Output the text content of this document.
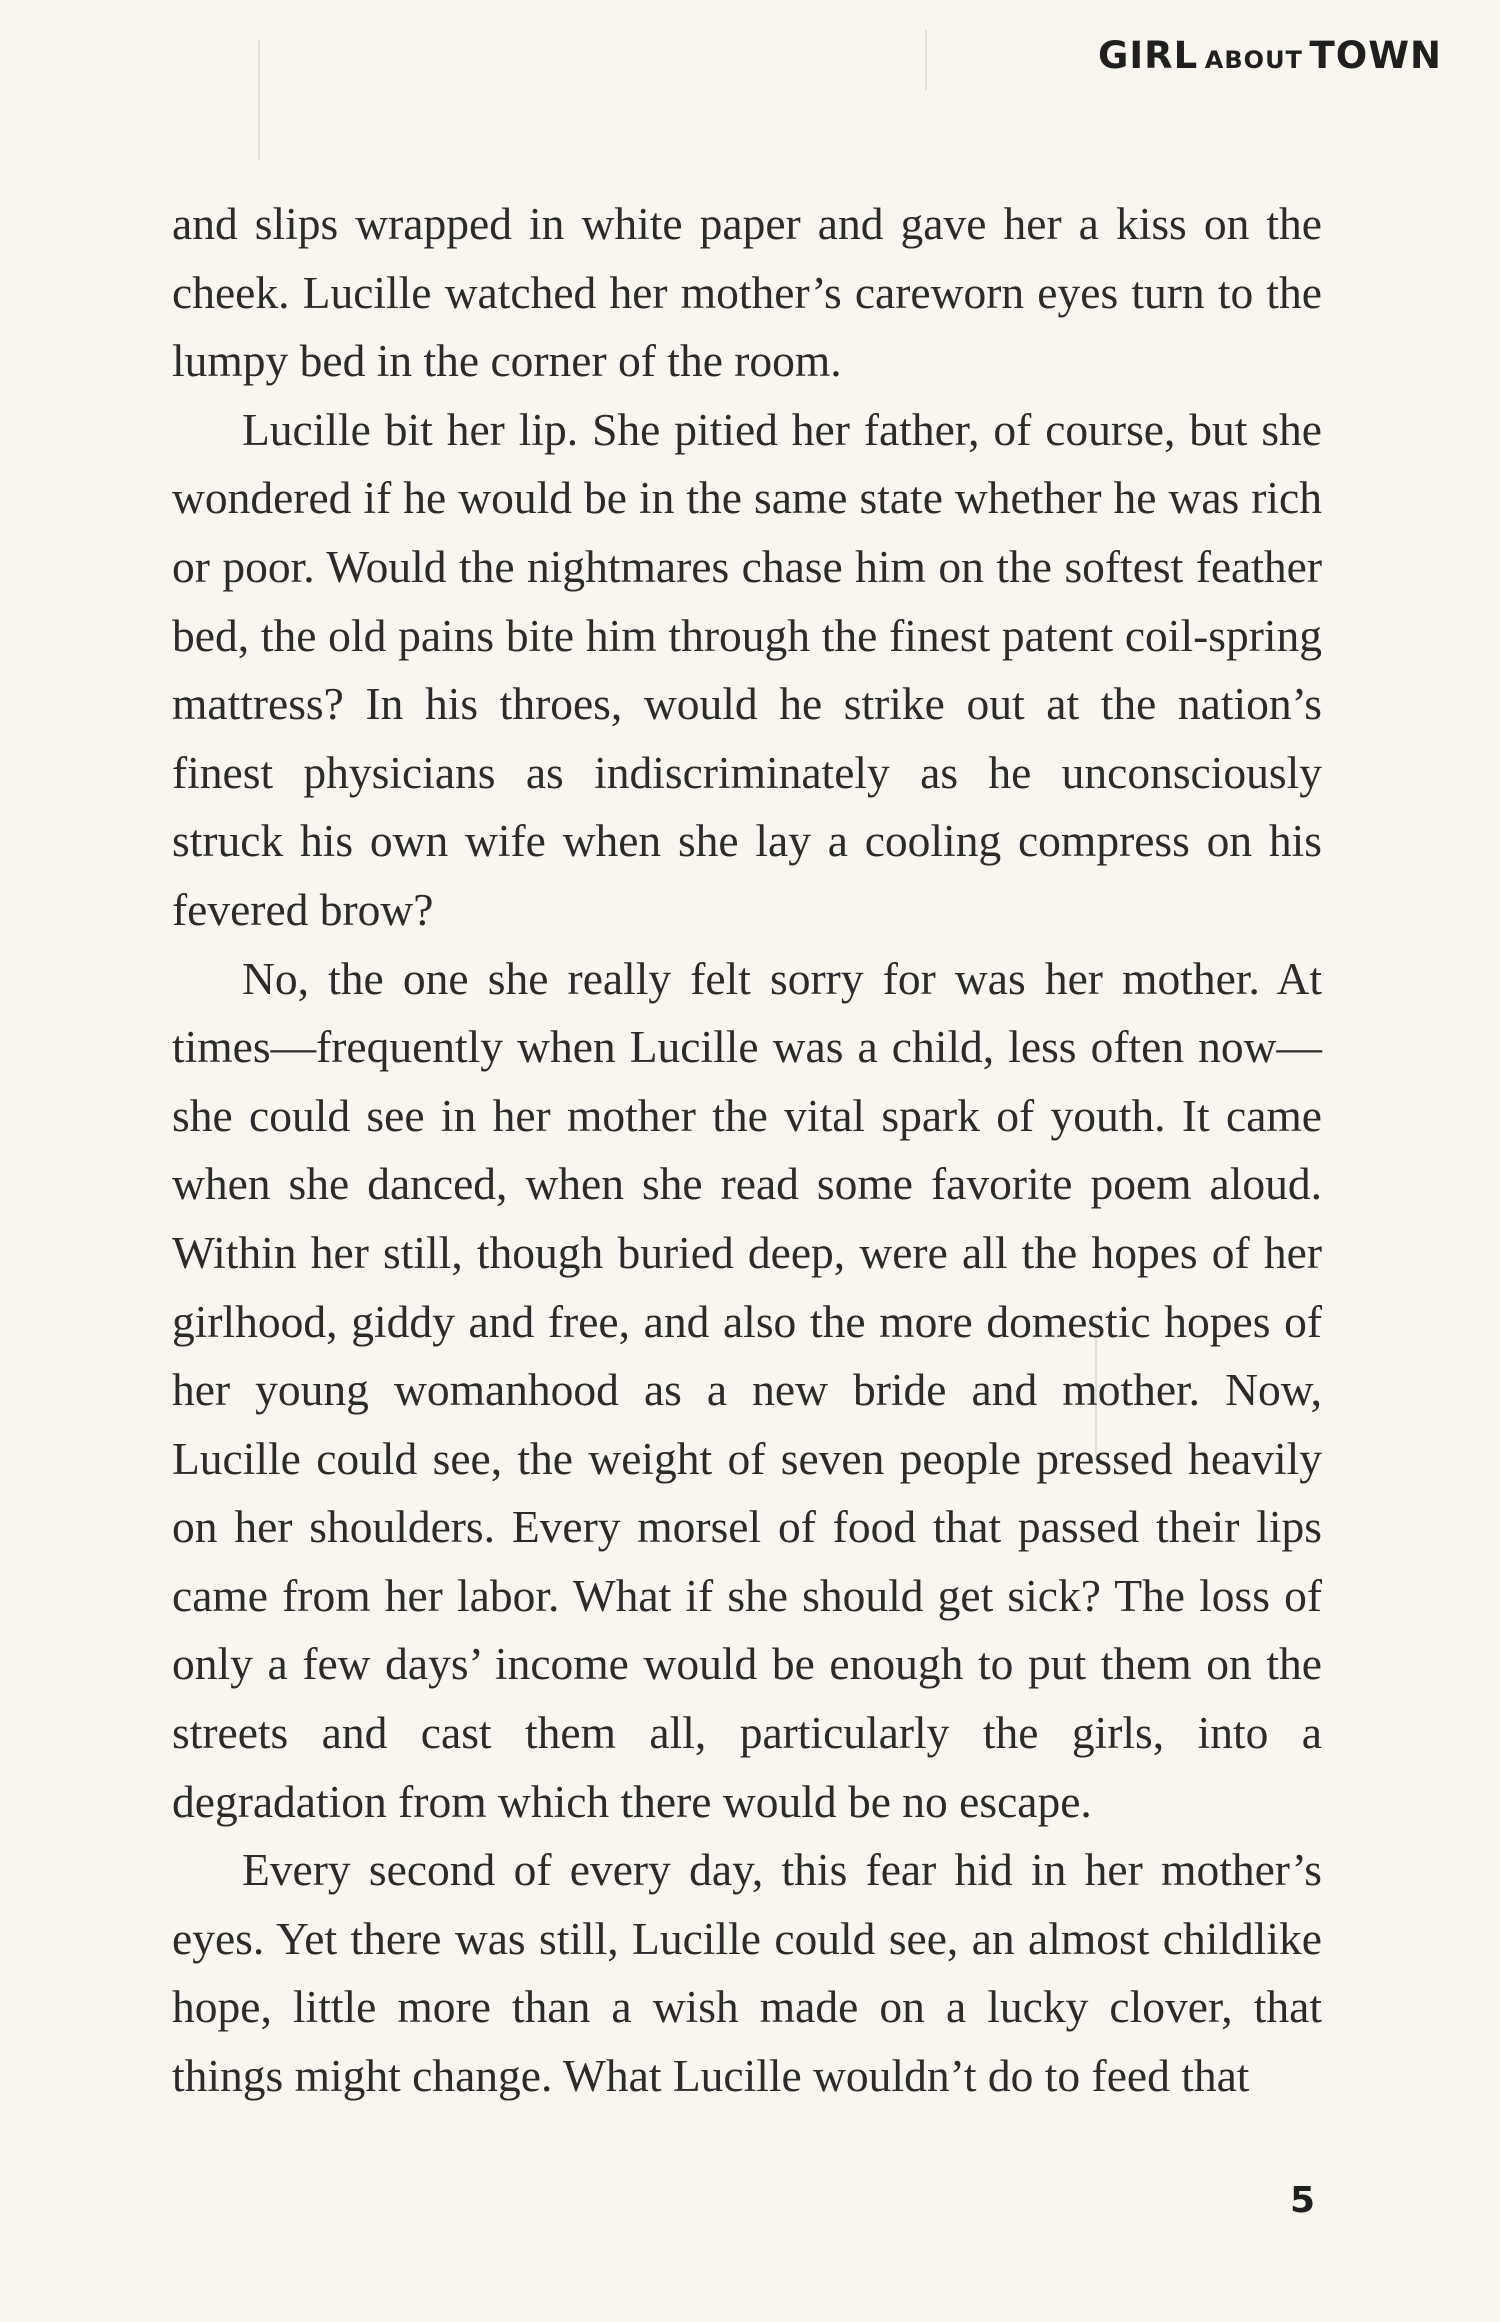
GIRL ABOUT TOWN

and slips wrapped in white paper and gave her a kiss on the cheek. Lucille watched her mother’s careworn eyes turn to the lumpy bed in the corner of the room.

Lucille bit her lip. She pitied her father, of course, but she wondered if he would be in the same state whether he was rich or poor. Would the nightmares chase him on the softest feather bed, the old pains bite him through the finest patent coil-spring mattress? In his throes, would he strike out at the nation’s finest physicians as indiscriminately as he unconsciously struck his own wife when she lay a cooling compress on his fevered brow?

No, the one she really felt sorry for was her mother. At times—frequently when Lucille was a child, less often now—she could see in her mother the vital spark of youth. It came when she danced, when she read some favorite poem aloud. Within her still, though buried deep, were all the hopes of her girlhood, giddy and free, and also the more domestic hopes of her young womanhood as a new bride and mother. Now, Lucille could see, the weight of seven people pressed heavily on her shoulders. Every morsel of food that passed their lips came from her labor. What if she should get sick? The loss of only a few days’ income would be enough to put them on the streets and cast them all, particularly the girls, into a degradation from which there would be no escape.

Every second of every day, this fear hid in her mother’s eyes. Yet there was still, Lucille could see, an almost childlike hope, little more than a wish made on a lucky clover, that things might change. What Lucille wouldn’t do to feed that

5
